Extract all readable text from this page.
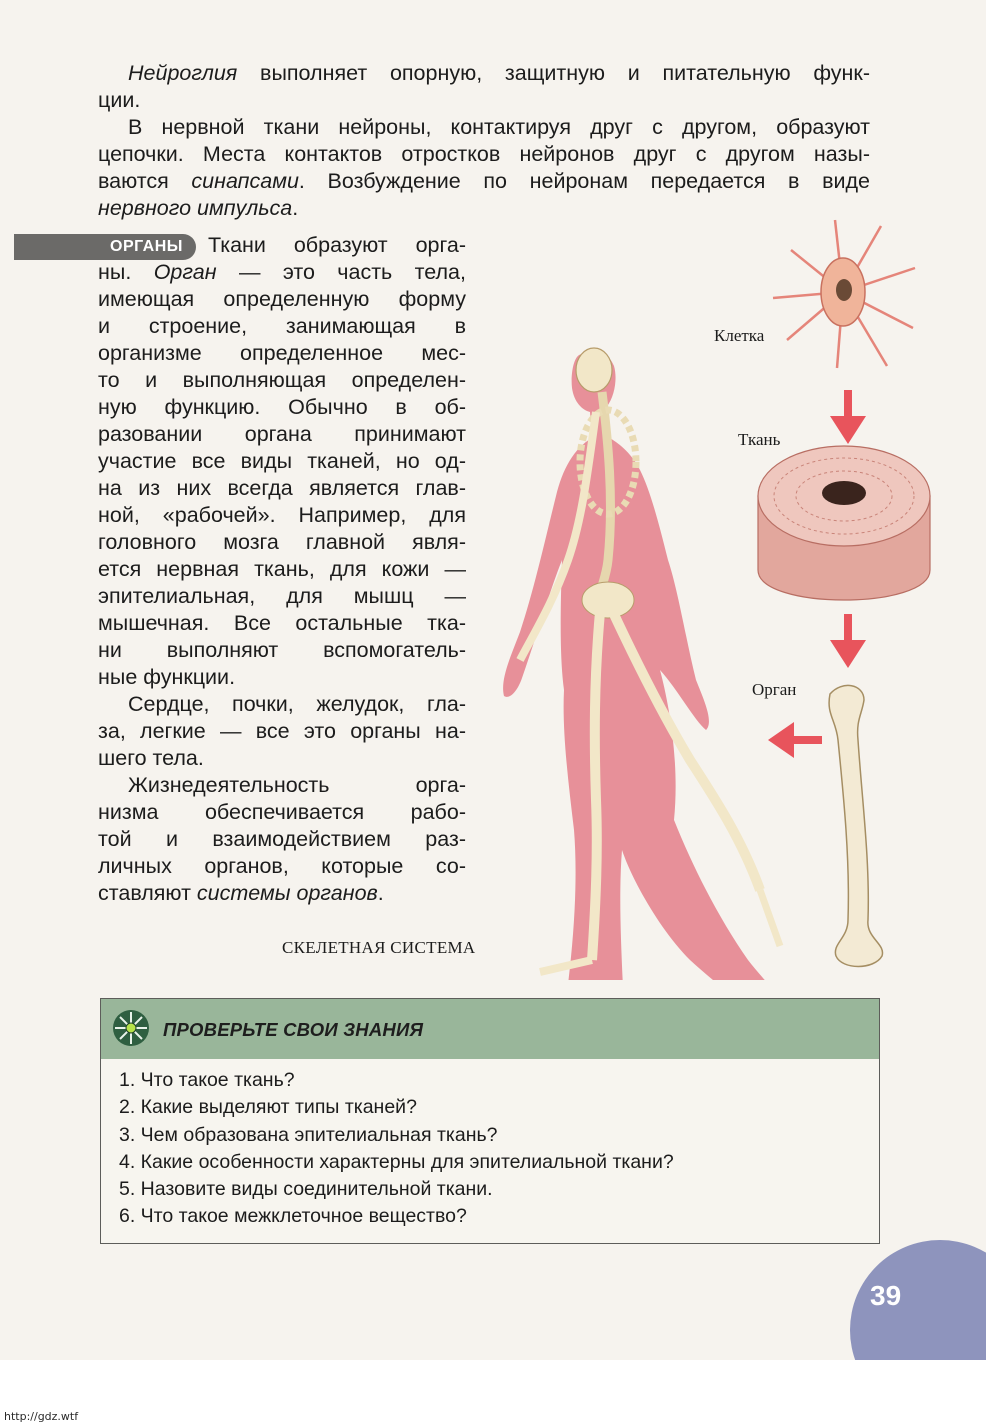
Нейроглия выполняет опорную, защитную и питательную функ-
ции.
В нервной ткани нейроны, контактируя друг с другом, образуют
цепочки. Места контактов отростков нейронов друг с другом назы-
ваются синапсами. Возбуждение по нейронам передается в виде
нервного импульса.
ОРГАНЫ	Ткани образуют орга-
ны. Орган — это часть тела,
имеющая определенную форму
и строение, занимающая в
организме определенное мес-
то и выполняющая определен-
ную функцию. Обычно в об-
разовании органа принимают
участие все виды тканей, но од-
на из них всегда является глав-
ной, «рабочей». Например, для
головного мозга главной явля-
ется нервная ткань, для кожи —
эпителиальная, для мышц —
мышечная. Все остальные тка-
ни выполняют вспомогатель-
ные функции.
Сердце, почки, желудок, гла-
за, легкие — все это органы на-
шего тела.
Жизнедеятельность орга-
низма обеспечивается рабо-
той и взаимодействием раз-
личных органов, которые со-
ставляют системы органов.
Клетка
Ткань
Орган
СКЕЛЕТНАЯ СИСТЕМА
ПРОВЕРЬТЕ СВОИ ЗНАНИЯ
1. Что такое ткань?
2. Какие выделяют типы тканей?
3. Чем образована эпителиальная ткань?
4. Какие особенности характерны для эпителиальной ткани?
5. Назовите виды соединительной ткани.
6. Что такое межклеточное вещество?
39
http://gdz.wtf
